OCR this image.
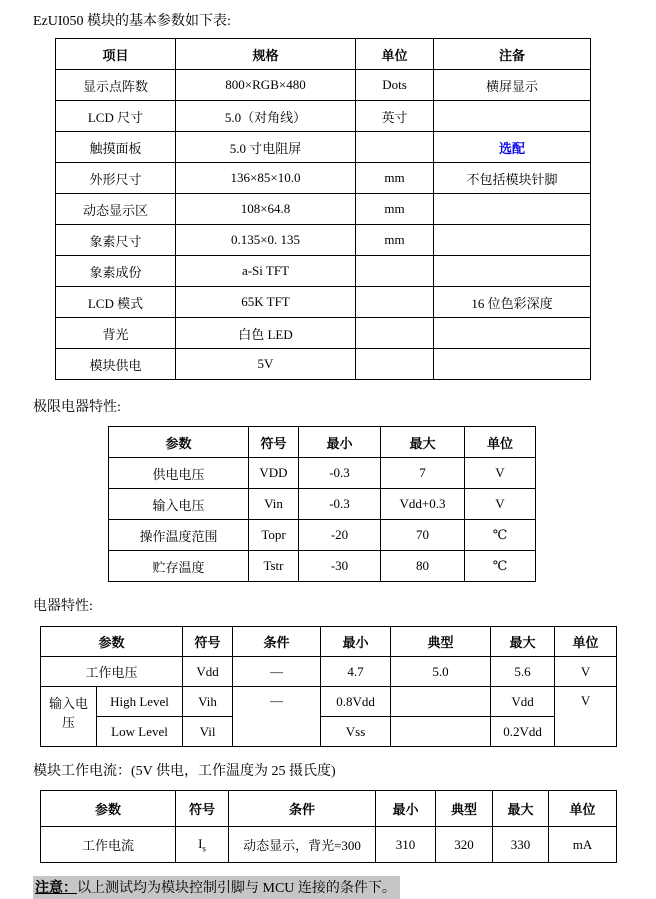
EzUI050 模块的基本参数如下表:

项目	规格	单位	注备
显示点阵数	800×RGB×480	Dots	横屏显示
LCD 尺寸	5.0（对角线）	英寸	
触摸面板	5.0 寸电阻屏		选配
外形尺寸	136×85×10.0	mm	不包括模块针脚
动态显示区	108×64.8	mm	
象素尺寸	0.135×0. 135	mm	
象素成份	a-Si TFT		
LCD 模式	65K TFT		16 位色彩深度
背光	白色 LED		
模块供电	5V		

极限电器特性:

参数	符号	最小	最大	单位
供电电压	VDD	-0.3	7	V
输入电压	Vin	-0.3	Vdd+0.3	V
操作温度范围	Topr	-20	70	℃
贮存温度	Tstr	-30	80	℃

电器特性:

参数		符号	条件	最小	典型	最大	单位
工作电压		Vdd	—	4.7	5.0	5.6	V
输入电压	High Level	Vih	—	0.8Vdd		Vdd	V
	Low Level	Vil		Vss		0.2Vdd	

模块工作电流：(5V 供电，工作温度为 25 摄氏度)

参数	符号	条件	最小	典型	最大	单位
工作电流	$I_s$	动态显示，背光=300	310	320	330	mA

注意：以上测试均为模块控制引脚与 MCU 连接的条件下。
